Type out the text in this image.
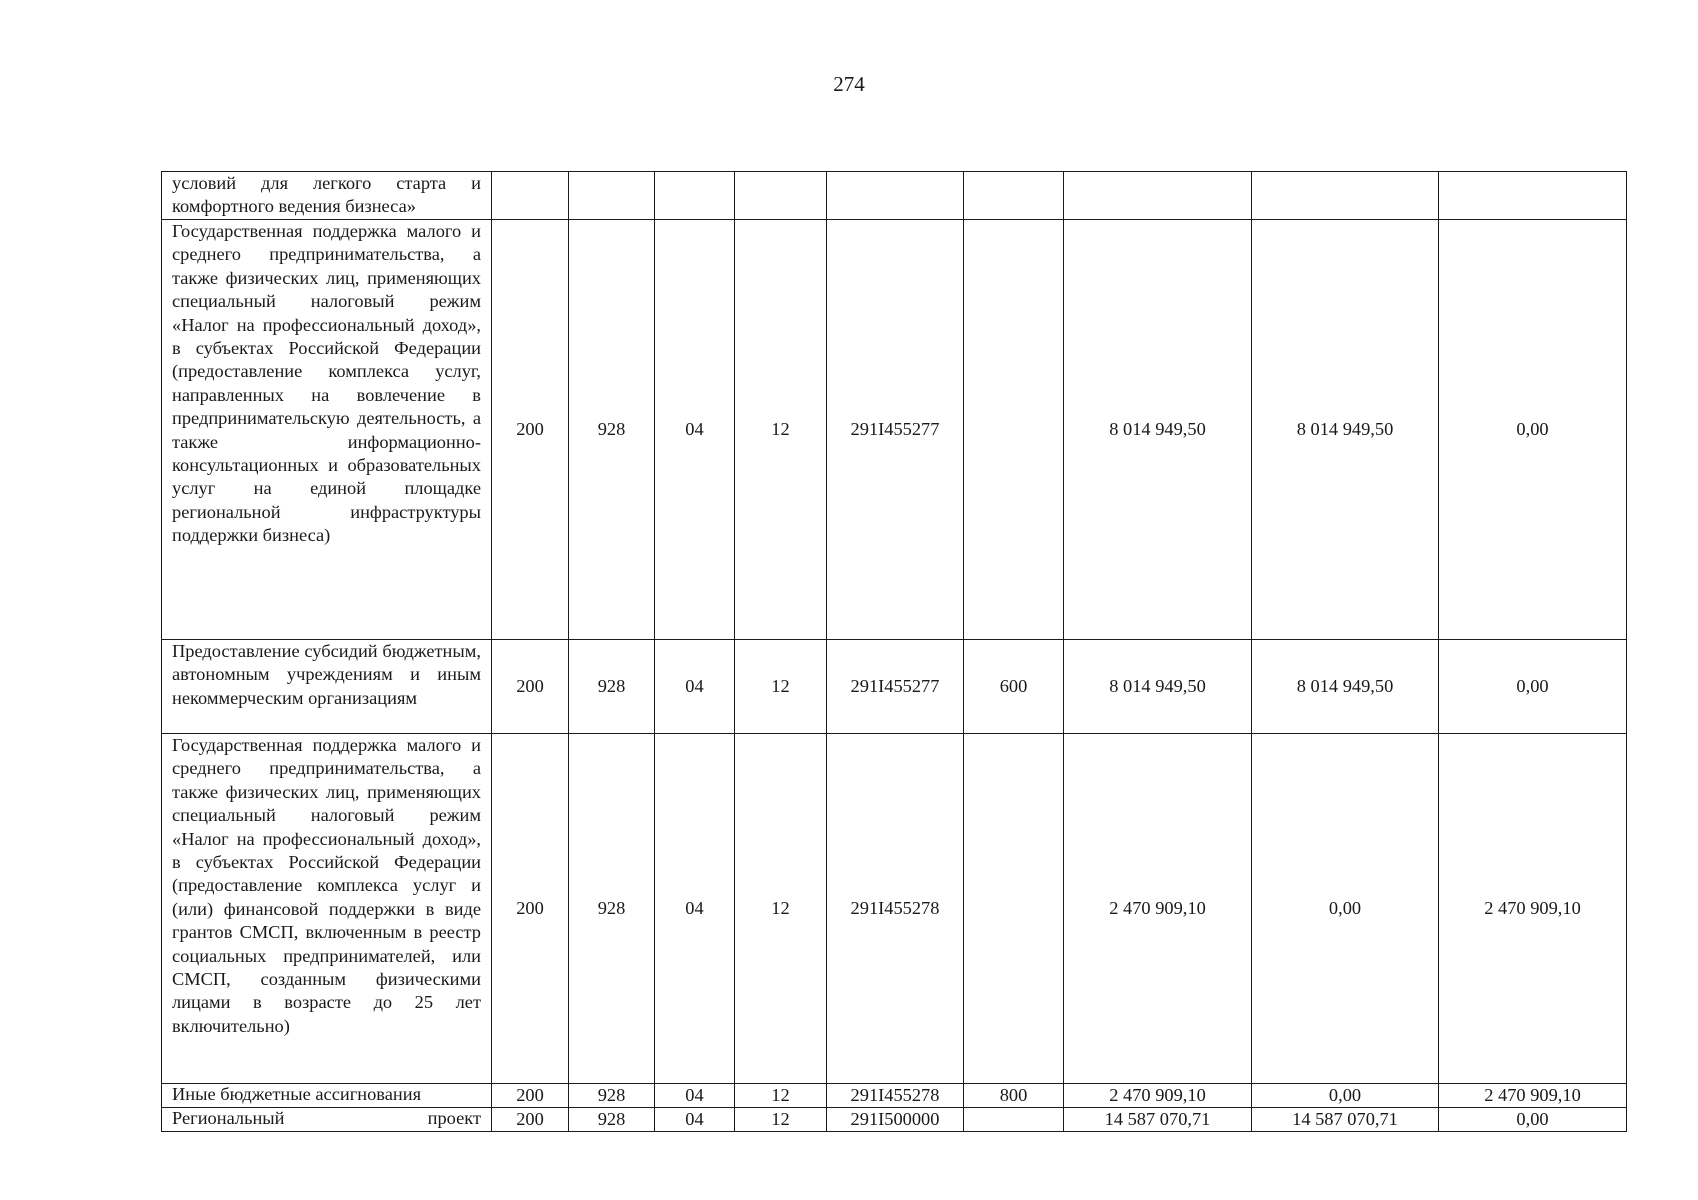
274
условий для легкого старта и комфортного ведения бизнеса»									
Государственная поддержка малого и среднего предпринимательства, а также физических лиц, применяющих специальный налоговый режим «Налог на профессиональный доход», в субъектах Российской Федерации (предоставление комплекса услуг, направленных на вовлечение в предпринимательскую деятельность, а также информационно-консультационных и образовательных услуг на единой площадке региональной инфраструктуры поддержки бизнеса)	200	928	04	12	291I455277		8 014 949,50	8 014 949,50	0,00
Предоставление субсидий бюджетным, автономным учреждениям и иным некоммерческим организациям	200	928	04	12	291I455277	600	8 014 949,50	8 014 949,50	0,00
Государственная поддержка малого и среднего предпринимательства, а также физических лиц, применяющих специальный налоговый режим «Налог на профессиональный доход», в субъектах Российской Федерации (предоставление комплекса услуг и (или) финансовой поддержки в виде грантов СМСП, включенным в реестр социальных предпринимателей, или СМСП, созданным физическими лицами в возрасте до 25 лет включительно)	200	928	04	12	291I455278		2 470 909,10	0,00	2 470 909,10
Иные бюджетные ассигнования	200	928	04	12	291I455278	800	2 470 909,10	0,00	2 470 909,10
Региональный проект	200	928	04	12	291I500000		14 587 070,71	14 587 070,71	0,00
